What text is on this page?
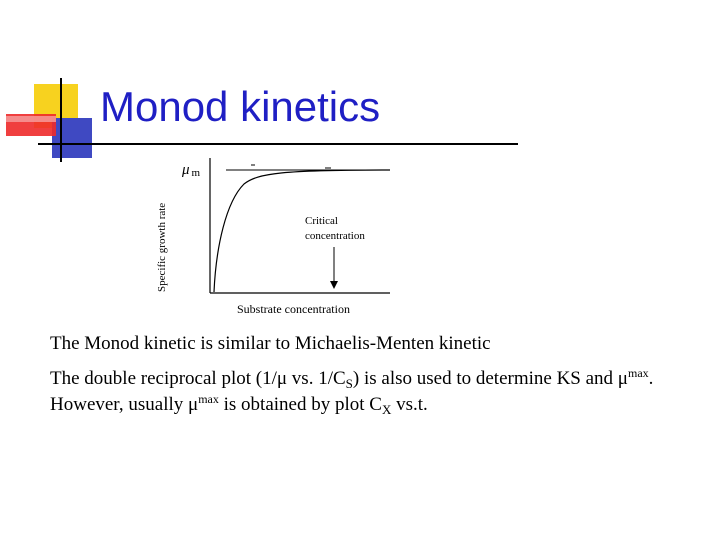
Monod kinetics
μ m
Specific growth rate
Substrate concentration
Critical
concentration

The Monod kinetic is similar to Michaelis-Menten kinetic

The double reciprocal plot (1/μ vs. $1/C_S$) is also used to determine KS and $\mu^{max}$. However, usually $\mu^{max}$ is obtained by plot $C_X$ vs.t.
